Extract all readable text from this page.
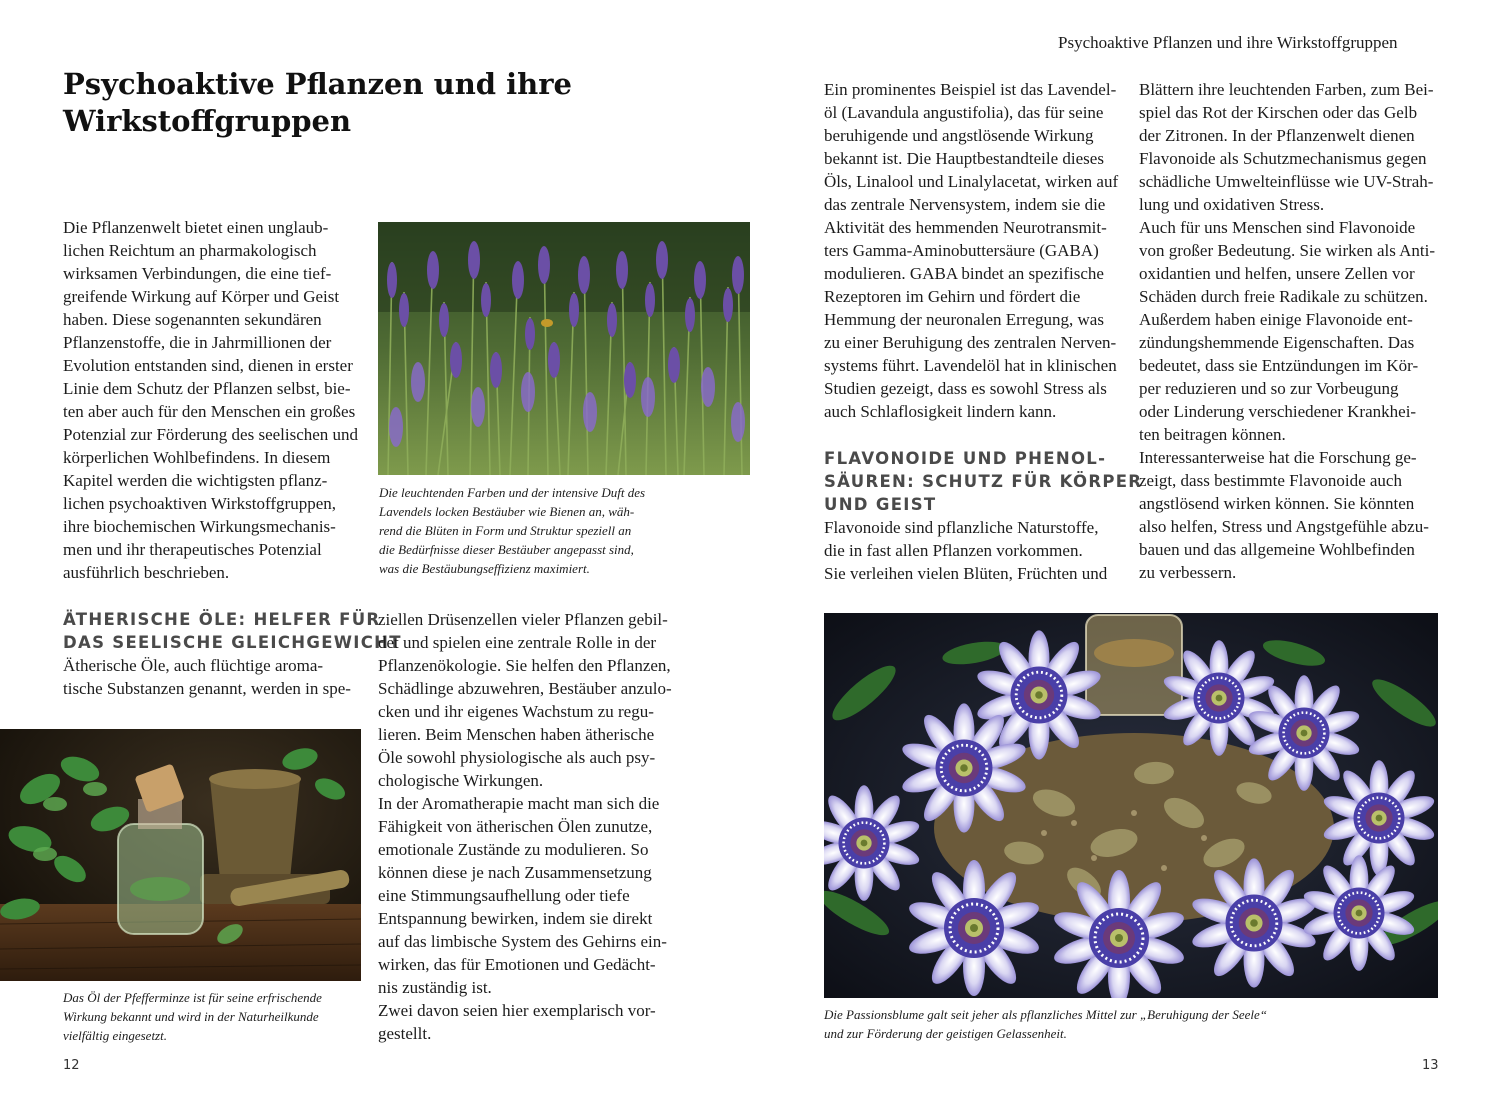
Psychoaktive Pflanzen und ihre Wirkstoffgruppen
Psychoaktive Pflanzen und ihre
Wirkstoffgruppen
Die Pflanzenwelt bietet einen unglaub-
lichen Reichtum an pharmakologisch
wirksamen Verbindungen, die eine tief-
greifende Wirkung auf Körper und Geist
haben. Diese sogenannten sekundären
Pflanzenstoffe, die in Jahrmillionen der
Evolution entstanden sind, dienen in erster
Linie dem Schutz der Pflanzen selbst, bie-
ten aber auch für den Menschen ein großes
Potenzial zur Förderung des seelischen und
körperlichen Wohlbefindens. In diesem
Kapitel werden die wichtigsten pflanz-
lichen psychoaktiven Wirkstoffgruppen,
ihre biochemischen Wirkungsmechanis-
men und ihr therapeutisches Potenzial
ausführlich beschrieben.
Die leuchtenden Farben und der intensive Duft des
Lavendels locken Bestäuber wie Bienen an, wäh-
rend die Blüten in Form und Struktur speziell an
die Bedürfnisse dieser Bestäuber angepasst sind,
was die Bestäubungseffizienz maximiert.
ÄTHERISCHE ÖLE: HELFER FÜR
DAS SEELISCHE GLEICHGEWICHT
Ätherische Öle, auch flüchtige aroma-
tische Substanzen genannt, werden in spe-
Das Öl der Pfefferminze ist für seine erfrischende
Wirkung bekannt und wird in der Naturheilkunde
vielfältig eingesetzt.
12
ziellen Drüsenzellen vieler Pflanzen gebil-
det und spielen eine zentrale Rolle in der
Pflanzenökologie. Sie helfen den Pflanzen,
Schädlinge abzuwehren, Bestäuber anzulo-
cken und ihr eigenes Wachstum zu regu-
lieren. Beim Menschen haben ätherische
Öle sowohl physiologische als auch psy-
chologische Wirkungen.
In der Aromatherapie macht man sich die
Fähigkeit von ätherischen Ölen zunutze,
emotionale Zustände zu modulieren. So
können diese je nach Zusammensetzung
eine Stimmungsaufhellung oder tiefe
Entspannung bewirken, indem sie direkt
auf das limbische System des Gehirns ein-
wirken, das für Emotionen und Gedächt-
nis zuständig ist.
Zwei davon seien hier exemplarisch vor-
gestellt.
Ein prominentes Beispiel ist das Lavendel-
öl (Lavandula angustifolia), das für seine
beruhigende und angstlösende Wirkung
bekannt ist. Die Hauptbestandteile dieses
Öls, Linalool und Linalylacetat, wirken auf
das zentrale Nervensystem, indem sie die
Aktivität des hemmenden Neurotransmit-
ters Gamma-Aminobuttersäure (GABA)
modulieren. GABA bindet an spezifische
Rezeptoren im Gehirn und fördert die
Hemmung der neuronalen Erregung, was
zu einer Beruhigung des zentralen Nerven-
systems führt. Lavendelöl hat in klinischen
Studien gezeigt, dass es sowohl Stress als
auch Schlaflosigkeit lindern kann.
FLAVONOIDE UND PHENOL-
SÄUREN: SCHUTZ FÜR KÖRPER
UND GEIST
Flavonoide sind pflanzliche Naturstoffe,
die in fast allen Pflanzen vorkommen.
Sie verleihen vielen Blüten, Früchten und
Blättern ihre leuchtenden Farben, zum Bei-
spiel das Rot der Kirschen oder das Gelb
der Zitronen. In der Pflanzenwelt dienen
Flavonoide als Schutzmechanismus gegen
schädliche Umwelteinflüsse wie UV-Strah-
lung und oxidativen Stress.
Auch für uns Menschen sind Flavonoide
von großer Bedeutung. Sie wirken als Anti-
oxidantien und helfen, unsere Zellen vor
Schäden durch freie Radikale zu schützen.
Außerdem haben einige Flavonoide ent-
zündungshemmende Eigenschaften. Das
bedeutet, dass sie Entzündungen im Kör-
per reduzieren und so zur Vorbeugung
oder Linderung verschiedener Krankhei-
ten beitragen können.
Interessanterweise hat die Forschung ge-
zeigt, dass bestimmte Flavonoide auch
angstlösend wirken können. Sie könnten
also helfen, Stress und Angstgefühle abzu-
bauen und das allgemeine Wohlbefinden
zu verbessern.
Die Passionsblume galt seit jeher als pflanzliches Mittel zur „Beruhigung der Seele“
und zur Förderung der geistigen Gelassenheit.
13
